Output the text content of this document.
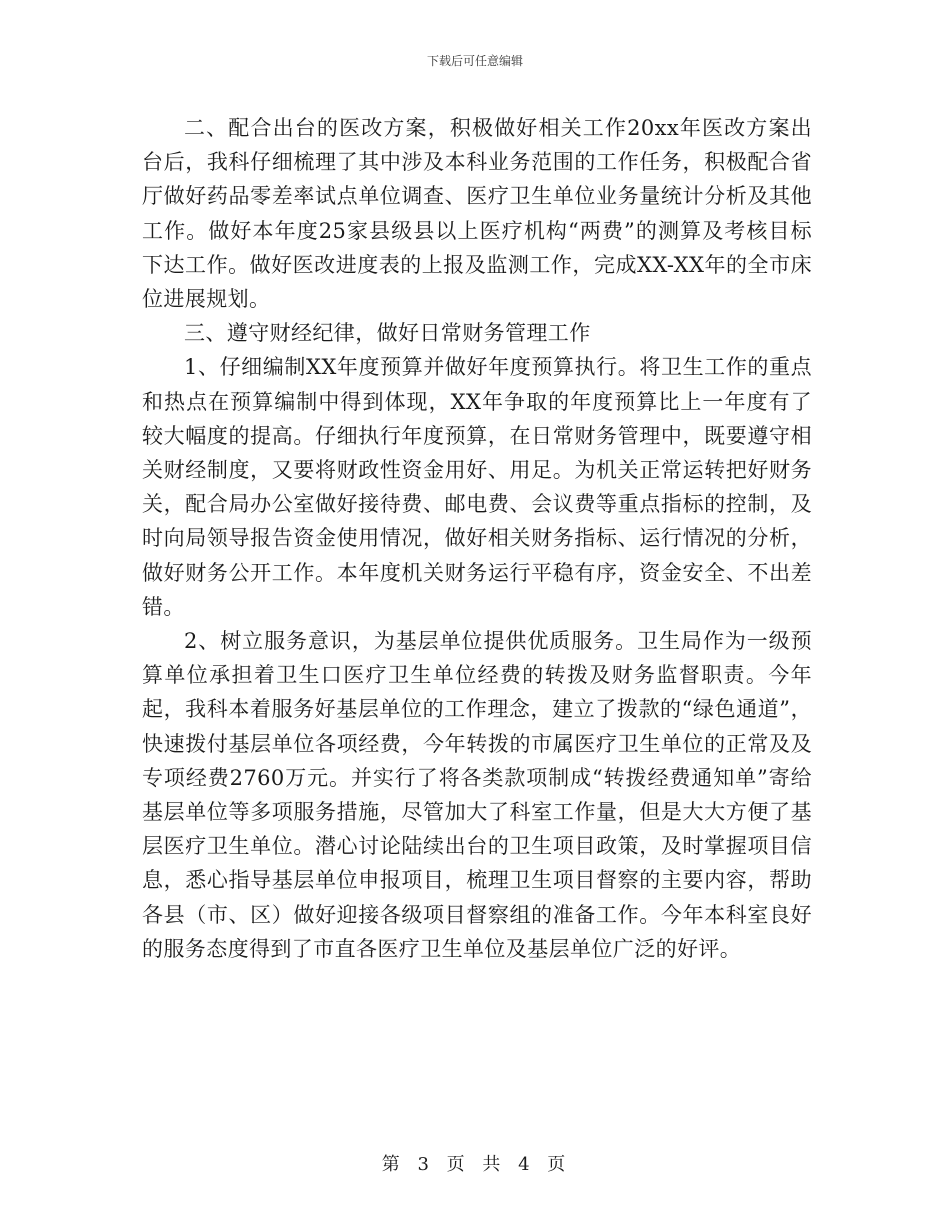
下载后可任意编辑

二、配合出台的医改方案，积极做好相关工作20xx年医改方案出台后，我科仔细梳理了其中涉及本科业务范围的工作任务，积极配合省厅做好药品零差率试点单位调查、医疗卫生单位业务量统计分析及其他工作。做好本年度25家县级县以上医疗机构“两费”的测算及考核目标下达工作。做好医改进度表的上报及监测工作，完成XX-XX年的全市床位进展规划。

三、遵守财经纪律，做好日常财务管理工作

1、仔细编制XX年度预算并做好年度预算执行。将卫生工作的重点和热点在预算编制中得到体现，XX年争取的年度预算比上一年度有了较大幅度的提高。仔细执行年度预算，在日常财务管理中，既要遵守相关财经制度，又要将财政性资金用好、用足。为机关正常运转把好财务关，配合局办公室做好接待费、邮电费、会议费等重点指标的控制，及时向局领导报告资金使用情况，做好相关财务指标、运行情况的分析，做好财务公开工作。本年度机关财务运行平稳有序，资金安全、不出差错。

2、树立服务意识，为基层单位提供优质服务。卫生局作为一级预算单位承担着卫生口医疗卫生单位经费的转拨及财务监督职责。今年起，我科本着服务好基层单位的工作理念，建立了拨款的“绿色通道”，快速拨付基层单位各项经费，今年转拨的市属医疗卫生单位的正常及及专项经费2760万元。并实行了将各类款项制成“转拨经费通知单”寄给基层单位等多项服务措施，尽管加大了科室工作量，但是大大方便了基层医疗卫生单位。潜心讨论陆续出台的卫生项目政策，及时掌握项目信息，悉心指导基层单位申报项目，梳理卫生项目督察的主要内容，帮助各县（市、区）做好迎接各级项目督察组的准备工作。今年本科室良好的服务态度得到了市直各医疗卫生单位及基层单位广泛的好评。

第 3 页 共 4 页
